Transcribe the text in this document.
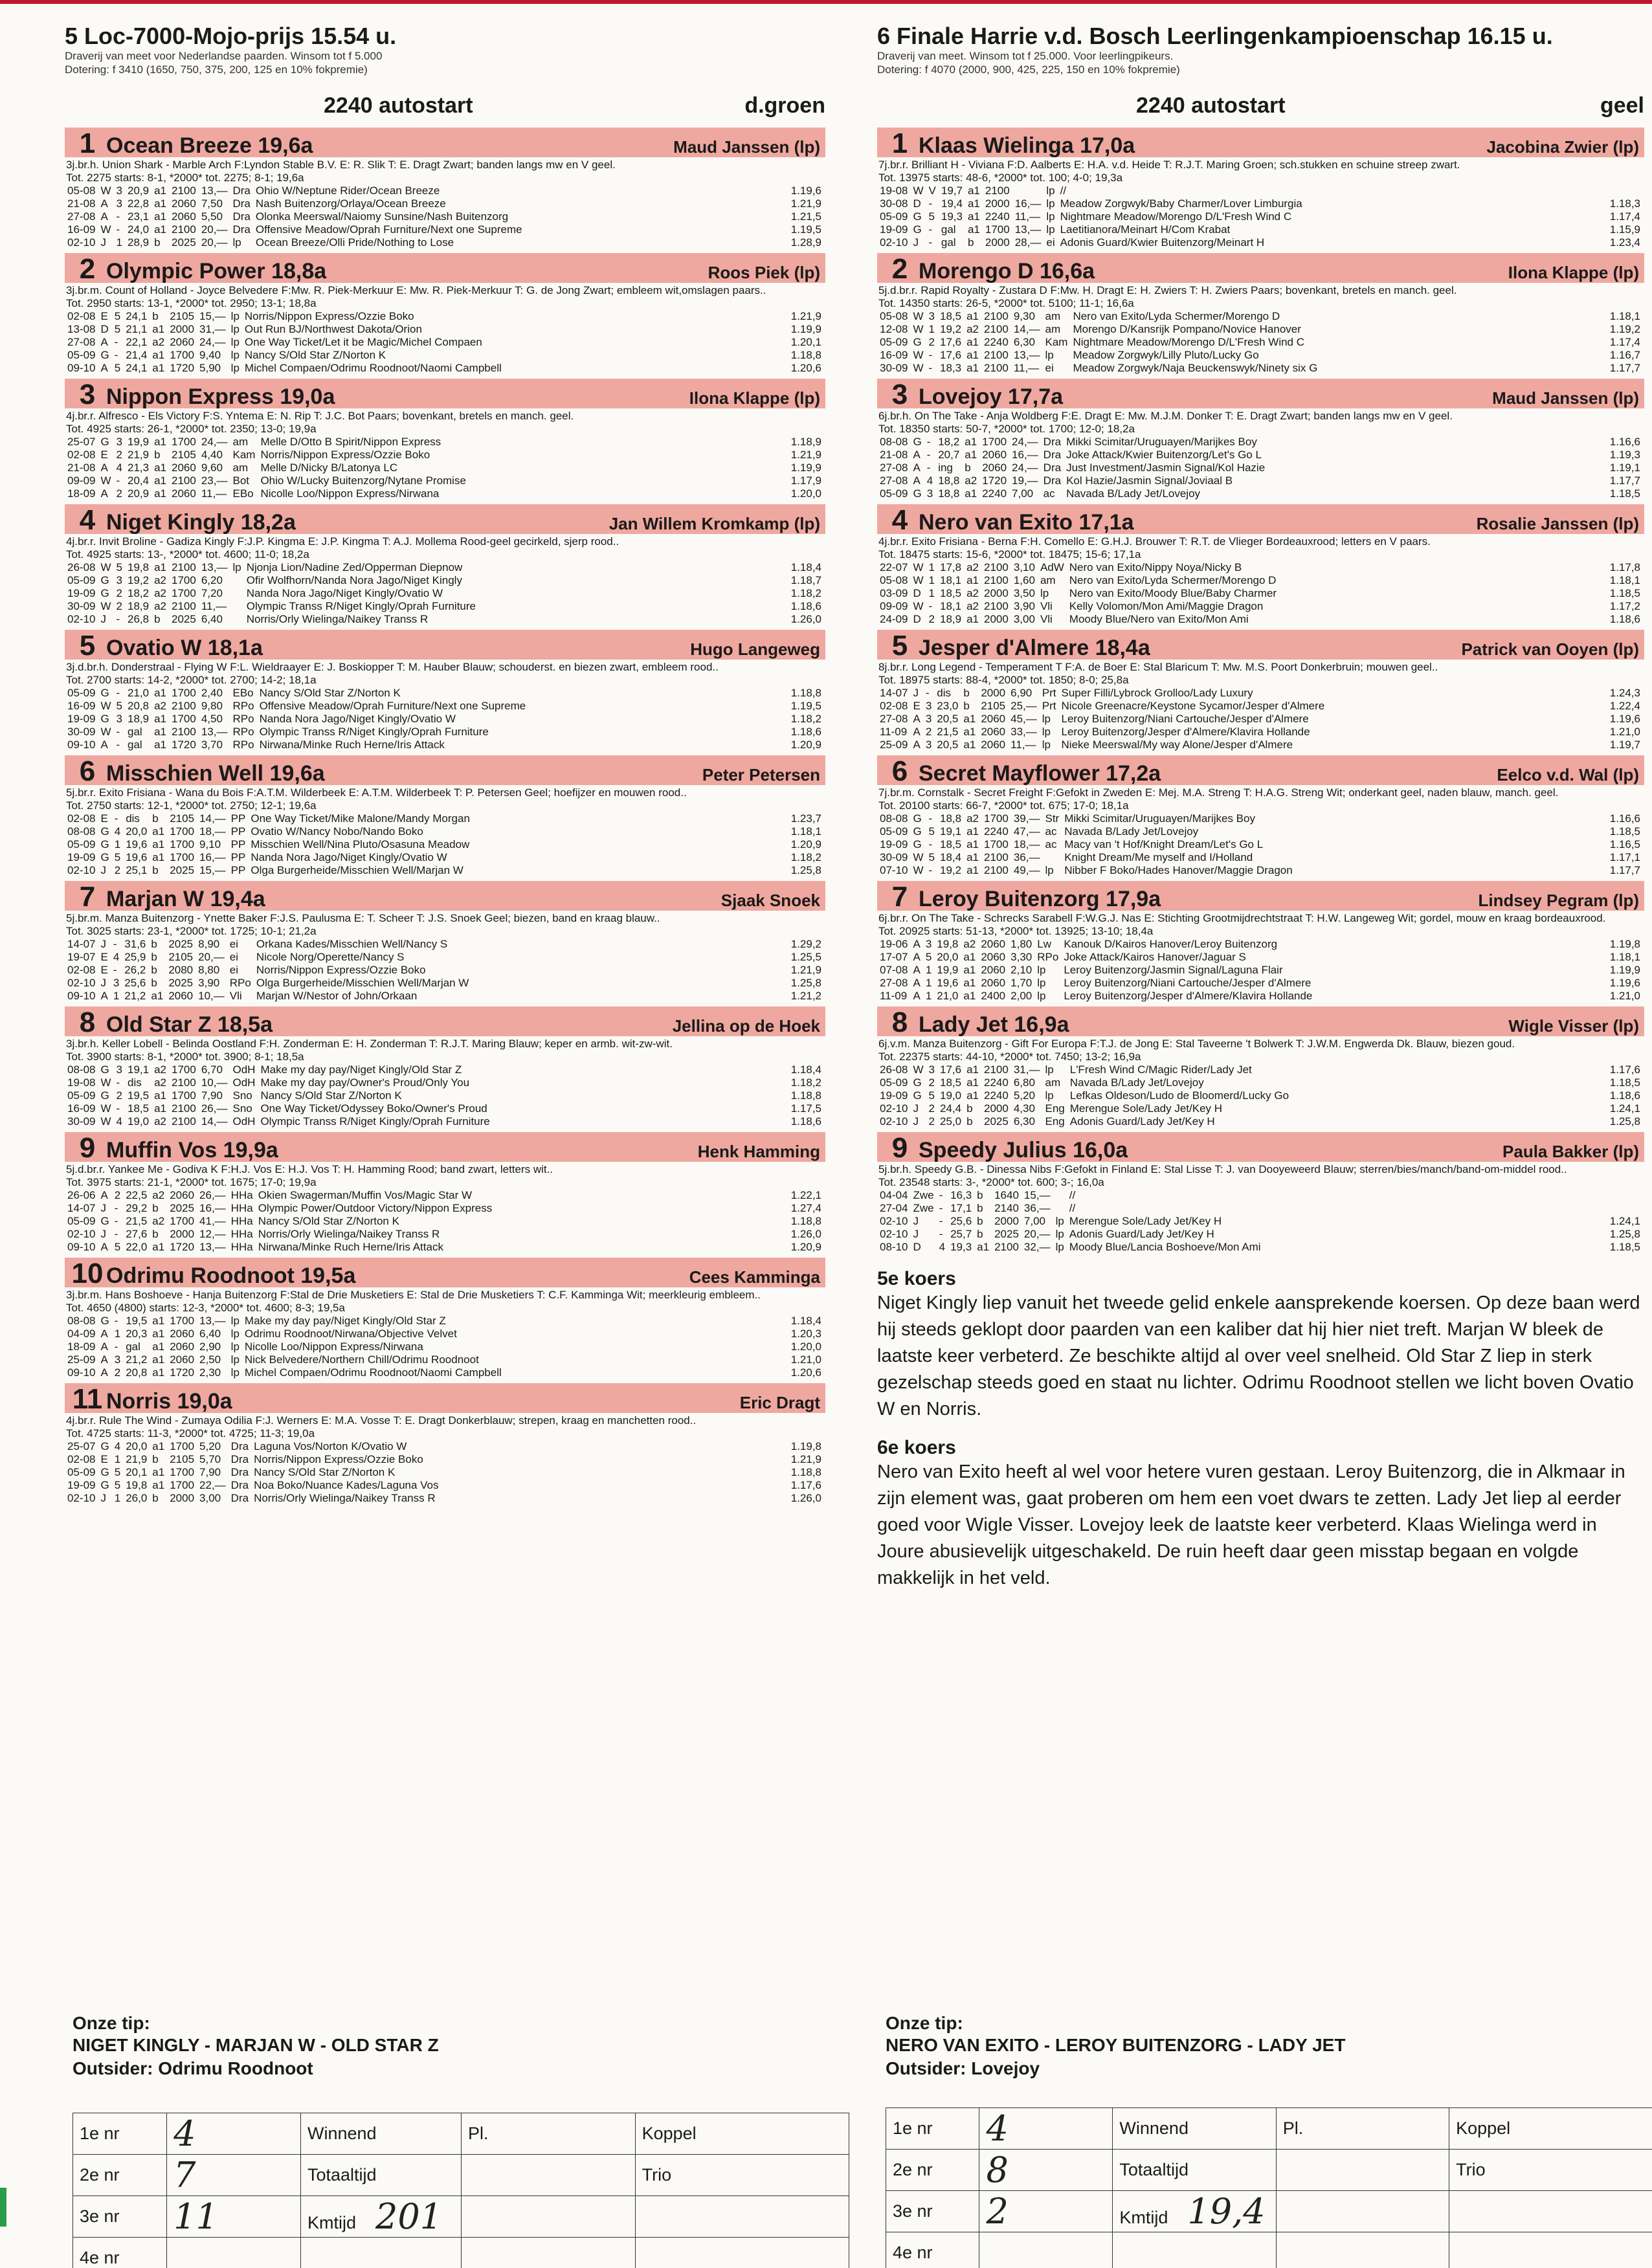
5 Loc-7000-Mojo-prijs 15.54 u.
Draverij van meet voor Nederlandse paarden. Winsom tot f 5.000
Dotering: f 3410 (1650, 750, 375, 200, 125 en 10% fokpremie)
2240 autostart	d.groen
1 Ocean Breeze 19,6a	Maud Janssen (lp)
3j.br.h. Union Shark - Marble Arch F:Lyndon Stable B.V. E: R. Slik T: E. Dragt Zwart; banden langs mw en V geel.
Tot. 2275 starts: 8-1, *2000* tot. 2275; 8-1; 19,6a
05-08	W	3	20,9	a1	2100	13,—	Dra	Ohio W/Neptune Rider/Ocean Breeze	1.19,6
21-08	A	3	22,8	a1	2060	7,50	Dra	Nash Buitenzorg/Orlaya/Ocean Breeze	1.21,9
27-08	A	-	23,1	a1	2060	5,50	Dra	Olonka Meerswal/Naiomy Sunsine/Nash Buitenzorg	1.21,5
16-09	W	-	24,0	a1	2100	20,—	Dra	Offensive Meadow/Oprah Furniture/Next one Supreme	1.19,5
02-10	J	1	28,9	b	2025	20,—	lp	Ocean Breeze/Olli Pride/Nothing to Lose	1.28,9
2 Olympic Power 18,8a	Roos Piek (lp)
3j.br.m. Count of Holland - Joyce Belvedere F:Mw. R. Piek-Merkuur E: Mw. R. Piek-Merkuur T: G. de Jong Zwart; embleem wit,omslagen paars..
Tot. 2950 starts: 13-1, *2000* tot. 2950; 13-1; 18,8a
02-08	E	5	24,1	b	2105	15,—	lp	Norris/Nippon Express/Ozzie Boko	1.21,9
13-08	D	5	21,1	a1	2000	31,—	lp	Out Run BJ/Northwest Dakota/Orion	1.19,9
27-08	A	-	22,1	a2	2060	24,—	lp	One Way Ticket/Let it be Magic/Michel Compaen	1.20,1
05-09	G	-	21,4	a1	1700	9,40	lp	Nancy S/Old Star Z/Norton K	1.18,8
09-10	A	5	24,1	a1	1720	5,90	lp	Michel Compaen/Odrimu Roodnoot/Naomi Campbell	1.20,6
3 Nippon Express 19,0a	Ilona Klappe (lp)
4j.br.r. Alfresco - Els Victory F:S. Yntema E: N. Rip T: J.C. Bot Paars; bovenkant, bretels en manch. geel.
Tot. 4925 starts: 26-1, *2000* tot. 2350; 13-0; 19,9a
25-07	G	3	19,9	a1	1700	24,—	am	Melle D/Otto B Spirit/Nippon Express	1.18,9
02-08	E	2	21,9	b	2105	4,40	Kam	Norris/Nippon Express/Ozzie Boko	1.21,9
21-08	A	4	21,3	a1	2060	9,60	am	Melle D/Nicky B/Latonya LC	1.19,9
09-09	W	-	20,4	a1	2100	23,—	Bot	Ohio W/Lucky Buitenzorg/Nytane Promise	1.17,9
18-09	A	2	20,9	a1	2060	11,—	EBo	Nicolle Loo/Nippon Express/Nirwana	1.20,0
4 Niget Kingly 18,2a	Jan Willem Kromkamp (lp)
4j.br.r. Invit Broline - Gadiza Kingly F:J.P. Kingma E: J.P. Kingma T: A.J. Mollema Rood-geel gecirkeld, sjerp rood..
Tot. 4925 starts: 13-, *2000* tot. 4600; 11-0; 18,2a
26-08	W	5	19,8	a1	2100	13,—	lp	Njonja Lion/Nadine Zed/Opperman Diepnow	1.18,4
05-09	G	3	19,2	a2	1700	6,20		Ofir Wolfhorn/Nanda Nora Jago/Niget Kingly	1.18,7
19-09	G	2	18,2	a2	1700	7,20		Nanda Nora Jago/Niget Kingly/Ovatio W	1.18,2
30-09	W	2	18,9	a2	2100	11,—		Olympic Transs R/Niget Kingly/Oprah Furniture	1.18,6
02-10	J	-	26,8	b	2025	6,40		Norris/Orly Wielinga/Naikey Transs R	1.26,0
5 Ovatio W 18,1a	Hugo Langeweg
3j.d.br.h. Donderstraal - Flying W F:L. Wieldraayer E: J. Boskiopper T: M. Hauber Blauw; schouderst. en biezen zwart, embleem rood..
Tot. 2700 starts: 14-2, *2000* tot. 2700; 14-2; 18,1a
05-09	G	-	21,0	a1	1700	2,40	EBo	Nancy S/Old Star Z/Norton K	1.18,8
16-09	W	5	20,8	a2	2100	9,80	RPo	Offensive Meadow/Oprah Furniture/Next one Supreme	1.19,5
19-09	G	3	18,9	a1	1700	4,50	RPo	Nanda Nora Jago/Niget Kingly/Ovatio W	1.18,2
30-09	W	-	gal	a1	2100	13,—	RPo	Olympic Transs R/Niget Kingly/Oprah Furniture	1.18,6
09-10	A	-	gal	a1	1720	3,70	RPo	Nirwana/Minke Ruch Herne/Iris Attack	1.20,9
6 Misschien Well 19,6a	Peter Petersen
5j.br.r. Exito Frisiana - Wana du Bois F:A.T.M. Wilderbeek E: A.T.M. Wilderbeek T: P. Petersen Geel; hoefijzer en mouwen rood..
Tot. 2750 starts: 12-1, *2000* tot. 2750; 12-1; 19,6a
02-08	E	-	dis	b	2105	14,—	PP	One Way Ticket/Mike Malone/Mandy Morgan	1.23,7
08-08	G	4	20,0	a1	1700	18,—	PP	Ovatio W/Nancy Nobo/Nando Boko	1.18,1
05-09	G	1	19,6	a1	1700	9,10	PP	Misschien Well/Nina Pluto/Osasuna Meadow	1.20,9
19-09	G	5	19,6	a1	1700	16,—	PP	Nanda Nora Jago/Niget Kingly/Ovatio W	1.18,2
02-10	J	2	25,1	b	2025	15,—	PP	Olga Burgerheide/Misschien Well/Marjan W	1.25,8
7 Marjan W 19,4a	Sjaak Snoek
5j.br.m. Manza Buitenzorg - Ynette Baker F:J.S. Paulusma E: T. Scheer T: J.S. Snoek Geel; biezen, band en kraag blauw..
Tot. 3025 starts: 23-1, *2000* tot. 1725; 10-1; 21,2a
14-07	J	-	31,6	b	2025	8,90	ei	Orkana Kades/Misschien Well/Nancy S	1.29,2
19-07	E	4	25,9	b	2105	20,—	ei	Nicole Norg/Operette/Nancy S	1.25,5
02-08	E	-	26,2	b	2080	8,80	ei	Norris/Nippon Express/Ozzie Boko	1.21,9
02-10	J	3	25,6	b	2025	3,90	RPo	Olga Burgerheide/Misschien Well/Marjan W	1.25,8
09-10	A	1	21,2	a1	2060	10,—	Vli	Marjan W/Nestor of John/Orkaan	1.21,2
8 Old Star Z 18,5a	Jellina op de Hoek
3j.br.h. Keller Lobell - Belinda Oostland F:H. Zonderman E: H. Zonderman T: R.J.T. Maring Blauw; keper en armb. wit-zw-wit.
Tot. 3900 starts: 8-1, *2000* tot. 3900; 8-1; 18,5a
08-08	G	3	19,1	a2	1700	6,70	OdH	Make my day pay/Niget Kingly/Old Star Z	1.18,4
19-08	W	-	dis	a2	2100	10,—	OdH	Make my day pay/Owner's Proud/Only You	1.18,2
05-09	G	2	19,5	a1	1700	7,90	Sno	Nancy S/Old Star Z/Norton K	1.18,8
16-09	W	-	18,5	a1	2100	26,—	Sno	One Way Ticket/Odyssey Boko/Owner's Proud	1.17,5
30-09	W	4	19,0	a2	2100	14,—	OdH	Olympic Transs R/Niget Kingly/Oprah Furniture	1.18,6
9 Muffin Vos 19,9a	Henk Hamming
5j.d.br.r. Yankee Me - Godiva K F:H.J. Vos E: H.J. Vos T: H. Hamming Rood; band zwart, letters wit..
Tot. 3975 starts: 21-1, *2000* tot. 1675; 17-0; 19,9a
26-06	A	2	22,5	a2	2060	26,—	HHa	Okien Swagerman/Muffin Vos/Magic Star W	1.22,1
14-07	J	-	29,2	b	2025	16,—	HHa	Olympic Power/Outdoor Victory/Nippon Express	1.27,4
05-09	G	-	21,5	a2	1700	41,—	HHa	Nancy S/Old Star Z/Norton K	1.18,8
02-10	J	-	27,6	b	2000	12,—	HHa	Norris/Orly Wielinga/Naikey Transs R	1.26,0
09-10	A	5	22,0	a1	1720	13,—	HHa	Nirwana/Minke Ruch Herne/Iris Attack	1.20,9
10 Odrimu Roodnoot 19,5a	Cees Kamminga
3j.br.m. Hans Boshoeve - Hanja Buitenzorg F:Stal de Drie Musketiers E: Stal de Drie Musketiers T: C.F. Kamminga Wit; meerkleurig embleem..
Tot. 4650 (4800) starts: 12-3, *2000* tot. 4600; 8-3; 19,5a
08-08	G	-	19,5	a1	1700	13,—	lp	Make my day pay/Niget Kingly/Old Star Z	1.18,4
04-09	A	1	20,3	a1	2060	6,40	lp	Odrimu Roodnoot/Nirwana/Objective Velvet	1.20,3
18-09	A	-	gal	a1	2060	2,90	lp	Nicolle Loo/Nippon Express/Nirwana	1.20,0
25-09	A	3	21,2	a1	2060	2,50	lp	Nick Belvedere/Northern Chill/Odrimu Roodnoot	1.21,0
09-10	A	2	20,8	a1	1720	2,30	lp	Michel Compaen/Odrimu Roodnoot/Naomi Campbell	1.20,6
11 Norris 19,0a	Eric Dragt
4j.br.r. Rule The Wind - Zumaya Odilia F:J. Werners E: M.A. Vosse T: E. Dragt Donkerblauw; strepen, kraag en manchetten rood..
Tot. 4725 starts: 11-3, *2000* tot. 4725; 11-3; 19,0a
25-07	G	4	20,0	a1	1700	5,20	Dra	Laguna Vos/Norton K/Ovatio W	1.19,8
02-08	E	1	21,9	b	2105	5,70	Dra	Norris/Nippon Express/Ozzie Boko	1.21,9
05-09	G	5	20,1	a1	1700	7,90	Dra	Nancy S/Old Star Z/Norton K	1.18,8
19-09	G	5	19,8	a1	1700	22,—	Dra	Noa Boko/Nuance Kades/Laguna Vos	1.17,6
02-10	J	1	26,0	b	2000	3,00	Dra	Norris/Orly Wielinga/Naikey Transs R	1.26,0
6 Finale Harrie v.d. Bosch Leerlingenkampioenschap 16.15 u.
Draverij van meet. Winsom tot f 25.000. Voor leerlingpikeurs.
Dotering: f 4070 (2000, 900, 425, 225, 150 en 10% fokpremie)
2240 autostart	geel
1 Klaas Wielinga 17,0a	Jacobina Zwier (lp)
7j.br.r. Brilliant H - Viviana F:D. Aalberts E: H.A. v.d. Heide T: R.J.T. Maring Groen; sch.stukken en schuine streep zwart.
Tot. 13975 starts: 48-6, *2000* tot. 100; 4-0; 19,3a
19-08	W	V	19,7	a1	2100		lp	//	
30-08	D	-	19,4	a1	2000	16,—	lp	Meadow Zorgwyk/Baby Charmer/Lover Limburgia	1.18,3
05-09	G	5	19,3	a1	2240	11,—	lp	Nightmare Meadow/Morengo D/L'Fresh Wind C	1.17,4
19-09	G	-	gal	a1	1700	13,—	lp	Laetitianora/Meinart H/Com Krabat	1.15,9
02-10	J	-	gal	b	2000	28,—	ei	Adonis Guard/Kwier Buitenzorg/Meinart H	1.23,4
2 Morengo D 16,6a	Ilona Klappe (lp)
5j.d.br.r. Rapid Royalty - Zustara D F:Mw. H. Dragt E: H. Zwiers T: H. Zwiers Paars; bovenkant, bretels en manch. geel.
Tot. 14350 starts: 26-5, *2000* tot. 5100; 11-1; 16,6a
05-08	W	3	18,5	a1	2100	9,30	am	Nero van Exito/Lyda Schermer/Morengo D	1.18,1
12-08	W	1	19,2	a2	2100	14,—	am	Morengo D/Kansrijk Pompano/Novice Hanover	1.19,2
05-09	G	2	17,6	a1	2240	6,30	Kam	Nightmare Meadow/Morengo D/L'Fresh Wind C	1.17,4
16-09	W	-	17,6	a1	2100	13,—	lp	Meadow Zorgwyk/Lilly Pluto/Lucky Go	1.16,7
30-09	W	-	18,3	a1	2100	11,—	ei	Meadow Zorgwyk/Naja Beuckenswyk/Ninety six G	1.17,7
3 Lovejoy 17,7a	Maud Janssen (lp)
6j.br.h. On The Take - Anja Woldberg F:E. Dragt E: Mw. M.J.M. Donker T: E. Dragt Zwart; banden langs mw en V geel.
Tot. 18350 starts: 50-7, *2000* tot. 1700; 12-0; 18,2a
08-08	G	-	18,2	a1	1700	24,—	Dra	Mikki Scimitar/Uruguayen/Marijkes Boy	1.16,6
21-08	A	-	20,7	a1	2060	16,—	Dra	Joke Attack/Kwier Buitenzorg/Let's Go L	1.19,3
27-08	A	-	ing	b	2060	24,—	Dra	Just Investment/Jasmin Signal/Kol Hazie	1.19,1
27-08	A	4	18,8	a2	1720	19,—	Dra	Kol Hazie/Jasmin Signal/Joviaal B	1.17,7
05-09	G	3	18,8	a1	2240	7,00	ac	Navada B/Lady Jet/Lovejoy	1.18,5
4 Nero van Exito 17,1a	Rosalie Janssen (lp)
4j.br.r. Exito Frisiana - Berna F:H. Comello E: G.H.J. Brouwer T: R.T. de Vlieger Bordeauxrood; letters en V paars.
Tot. 18475 starts: 15-6, *2000* tot. 18475; 15-6; 17,1a
22-07	W	1	17,8	a2	2100	3,10	AdW	Nero van Exito/Nippy Noya/Nicky B	1.17,8
05-08	W	1	18,1	a1	2100	1,60	am	Nero van Exito/Lyda Schermer/Morengo D	1.18,1
03-09	D	1	18,5	a2	2000	3,50	lp	Nero van Exito/Moody Blue/Baby Charmer	1.18,5
09-09	W	-	18,1	a2	2100	3,90	Vli	Kelly Volomon/Mon Ami/Maggie Dragon	1.17,2
24-09	D	2	18,9	a1	2000	3,00	Vli	Moody Blue/Nero van Exito/Mon Ami	1.18,6
5 Jesper d'Almere 18,4a	Patrick van Ooyen (lp)
8j.br.r. Long Legend - Temperament T F:A. de Boer E: Stal Blaricum T: Mw. M.S. Poort Donkerbruin; mouwen geel..
Tot. 18975 starts: 88-4, *2000* tot. 1850; 8-0; 25,8a
14-07	J	-	dis	b	2000	6,90	Prt	Super Filli/Lybrock Grolloo/Lady Luxury	1.24,3
02-08	E	3	23,0	b	2105	25,—	Prt	Nicole Greenacre/Keystone Sycamor/Jesper d'Almere	1.22,4
27-08	A	3	20,5	a1	2060	45,—	lp	Leroy Buitenzorg/Niani Cartouche/Jesper d'Almere	1.19,6
11-09	A	2	21,5	a1	2060	33,—	lp	Leroy Buitenzorg/Jesper d'Almere/Klavira Hollande	1.21,0
25-09	A	3	20,5	a1	2060	11,—	lp	Nieke Meerswal/My way Alone/Jesper d'Almere	1.19,7
6 Secret Mayflower 17,2a	Eelco v.d. Wal (lp)
7j.br.m. Cornstalk - Secret Freight F:Gefokt in Zweden E: Mej. M.A. Streng T: H.A.G. Streng Wit; onderkant geel, naden blauw, manch. geel.
Tot. 20100 starts: 66-7, *2000* tot. 675; 17-0; 18,1a
08-08	G	-	18,8	a2	1700	39,—	Str	Mikki Scimitar/Uruguayen/Marijkes Boy	1.16,6
05-09	G	5	19,1	a1	2240	47,—	ac	Navada B/Lady Jet/Lovejoy	1.18,5
19-09	G	-	18,5	a1	1700	18,—	ac	Macy van 't Hof/Knight Dream/Let's Go L	1.16,5
30-09	W	5	18,4	a1	2100	36,—		Knight Dream/Me myself and I/Holland	1.17,1
07-10	W	-	19,2	a1	2100	49,—	lp	Nibber F Boko/Hades Hanover/Maggie Dragon	1.17,7
7 Leroy Buitenzorg 17,9a	Lindsey Pegram (lp)
6j.br.r. On The Take - Schrecks Sarabell F:W.G.J. Nas E: Stichting Grootmijdrechtstraat T: H.W. Langeweg Wit; gordel, mouw en kraag bordeauxrood.
Tot. 20925 starts: 51-13, *2000* tot. 13925; 13-10; 18,4a
19-06	A	3	19,8	a2	2060	1,80	Lw	Kanouk D/Kairos Hanover/Leroy Buitenzorg	1.19,8
17-07	A	5	20,0	a1	2060	3,30	RPo	Joke Attack/Kairos Hanover/Jaguar S	1.18,1
07-08	A	1	19,9	a1	2060	2,10	lp	Leroy Buitenzorg/Jasmin Signal/Laguna Flair	1.19,9
27-08	A	1	19,6	a1	2060	1,70	lp	Leroy Buitenzorg/Niani Cartouche/Jesper d'Almere	1.19,6
11-09	A	1	21,0	a1	2400	2,00	lp	Leroy Buitenzorg/Jesper d'Almere/Klavira Hollande	1.21,0
8 Lady Jet 16,9a	Wigle Visser (lp)
6j.v.m. Manza Buitenzorg - Gift For Europa F:T.J. de Jong E: Stal Taveerne 't Bolwerk T: J.W.M. Engwerda Dk. Blauw, biezen goud.
Tot. 22375 starts: 44-10, *2000* tot. 7450; 13-2; 16,9a
26-08	W	3	17,6	a1	2100	31,—	lp	L'Fresh Wind C/Magic Rider/Lady Jet	1.17,6
05-09	G	2	18,5	a1	2240	6,80	am	Navada B/Lady Jet/Lovejoy	1.18,5
19-09	G	5	19,0	a1	2240	5,20	lp	Lefkas Oldeson/Ludo de Bloomerd/Lucky Go	1.18,6
02-10	J	2	24,4	b	2000	4,30	Eng	Merengue Sole/Lady Jet/Key H	1.24,1
02-10	J	2	25,0	b	2025	6,30	Eng	Adonis Guard/Lady Jet/Key H	1.25,8
9 Speedy Julius 16,0a	Paula Bakker (lp)
5j.br.h. Speedy G.B. - Dinessa Nibs F:Gefokt in Finland E: Stal Lisse T: J. van Dooyeweerd Blauw; sterren/bies/manch/band-om-middel rood..
Tot. 23548 starts: 3-, *2000* tot. 600; 3-; 16,0a
04-04	Zwe	-	16,3	b	1640	15,—		//	
27-04	Zwe	-	17,1	b	2140	36,—		//	
02-10	J	-	25,6	b	2000	7,00	lp	Merengue Sole/Lady Jet/Key H	1.24,1
02-10	J	-	25,7	b	2025	20,—	lp	Adonis Guard/Lady Jet/Key H	1.25,8
08-10	D	4	19,3	a1	2100	32,—	lp	Moody Blue/Lancia Boshoeve/Mon Ami	1.18,5
5e koers
Niget Kingly liep vanuit het tweede gelid enkele aansprekende koersen. Op deze baan werd hij steeds geklopt door paarden van een kaliber dat hij hier niet treft. Marjan W bleek de laatste keer verbeterd. Ze beschikte altijd al over veel snelheid. Old Star Z liep in sterk gezelschap steeds goed en staat nu lichter. Odrimu Roodnoot stellen we licht boven Ovatio W en Norris.
6e koers
Nero van Exito heeft al wel voor hetere vuren gestaan. Leroy Buitenzorg, die in Alkmaar in zijn element was, gaat proberen om hem een voet dwars te zetten. Lady Jet liep al eerder goed voor Wigle Visser. Lovejoy leek de laatste keer verbeterd. Klaas Wielinga werd in Joure abusievelijk uitgeschakeld. De ruin heeft daar geen misstap begaan en volgde makkelijk in het veld.
Onze tip:
NIGET KINGLY - MARJAN W - OLD STAR Z
Outsider: Odrimu Roodnoot
Onze tip:
NERO VAN EXITO - LEROY BUITENZORG - LADY JET
Outsider: Lovejoy
1e nr	4	Winnend	Pl.	Koppel
2e nr	7	Totaaltijd		Trio
3e nr	11	Kmtijd 201		
4e nr				
1e nr	4	Winnend	Pl.	Koppel
2e nr	8	Totaaltijd		Trio
3e nr	2	Kmtijd 19,4		
4e nr				
